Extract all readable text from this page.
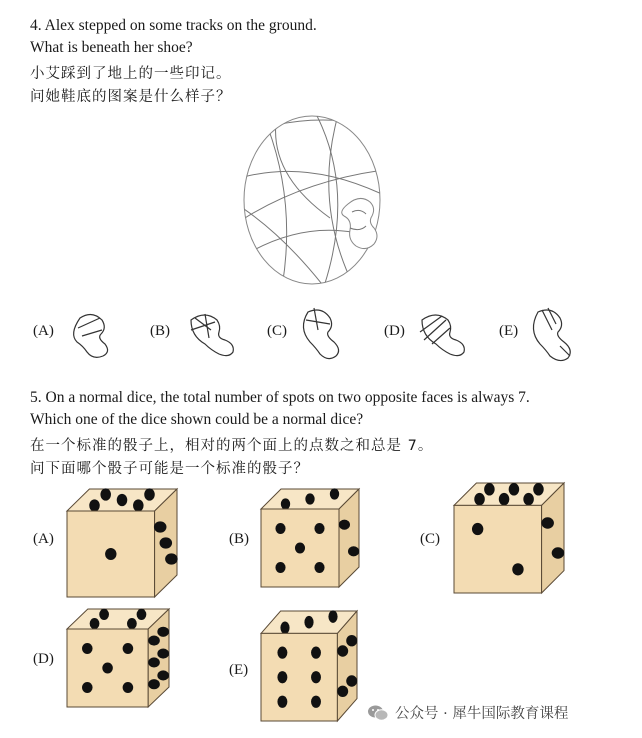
4. Alex stepped on some tracks on the ground.
What is beneath her shoe?
小艾踩到了地上的一些印记。
问她鞋底的图案是什么样子？
(A)	(B)	(C)	(D)	(E)
5. On a normal dice, the total number of spots on two opposite faces is always 7.
Which one of the dice shown could be a normal dice?
在一个标准的骰子上，相对的两个面上的点数之和总是 7。
问下面哪个骰子可能是一个标准的骰子？
(A)	(B)	(C)
(D)
(E)
公众号 · 犀牛国际教育课程
